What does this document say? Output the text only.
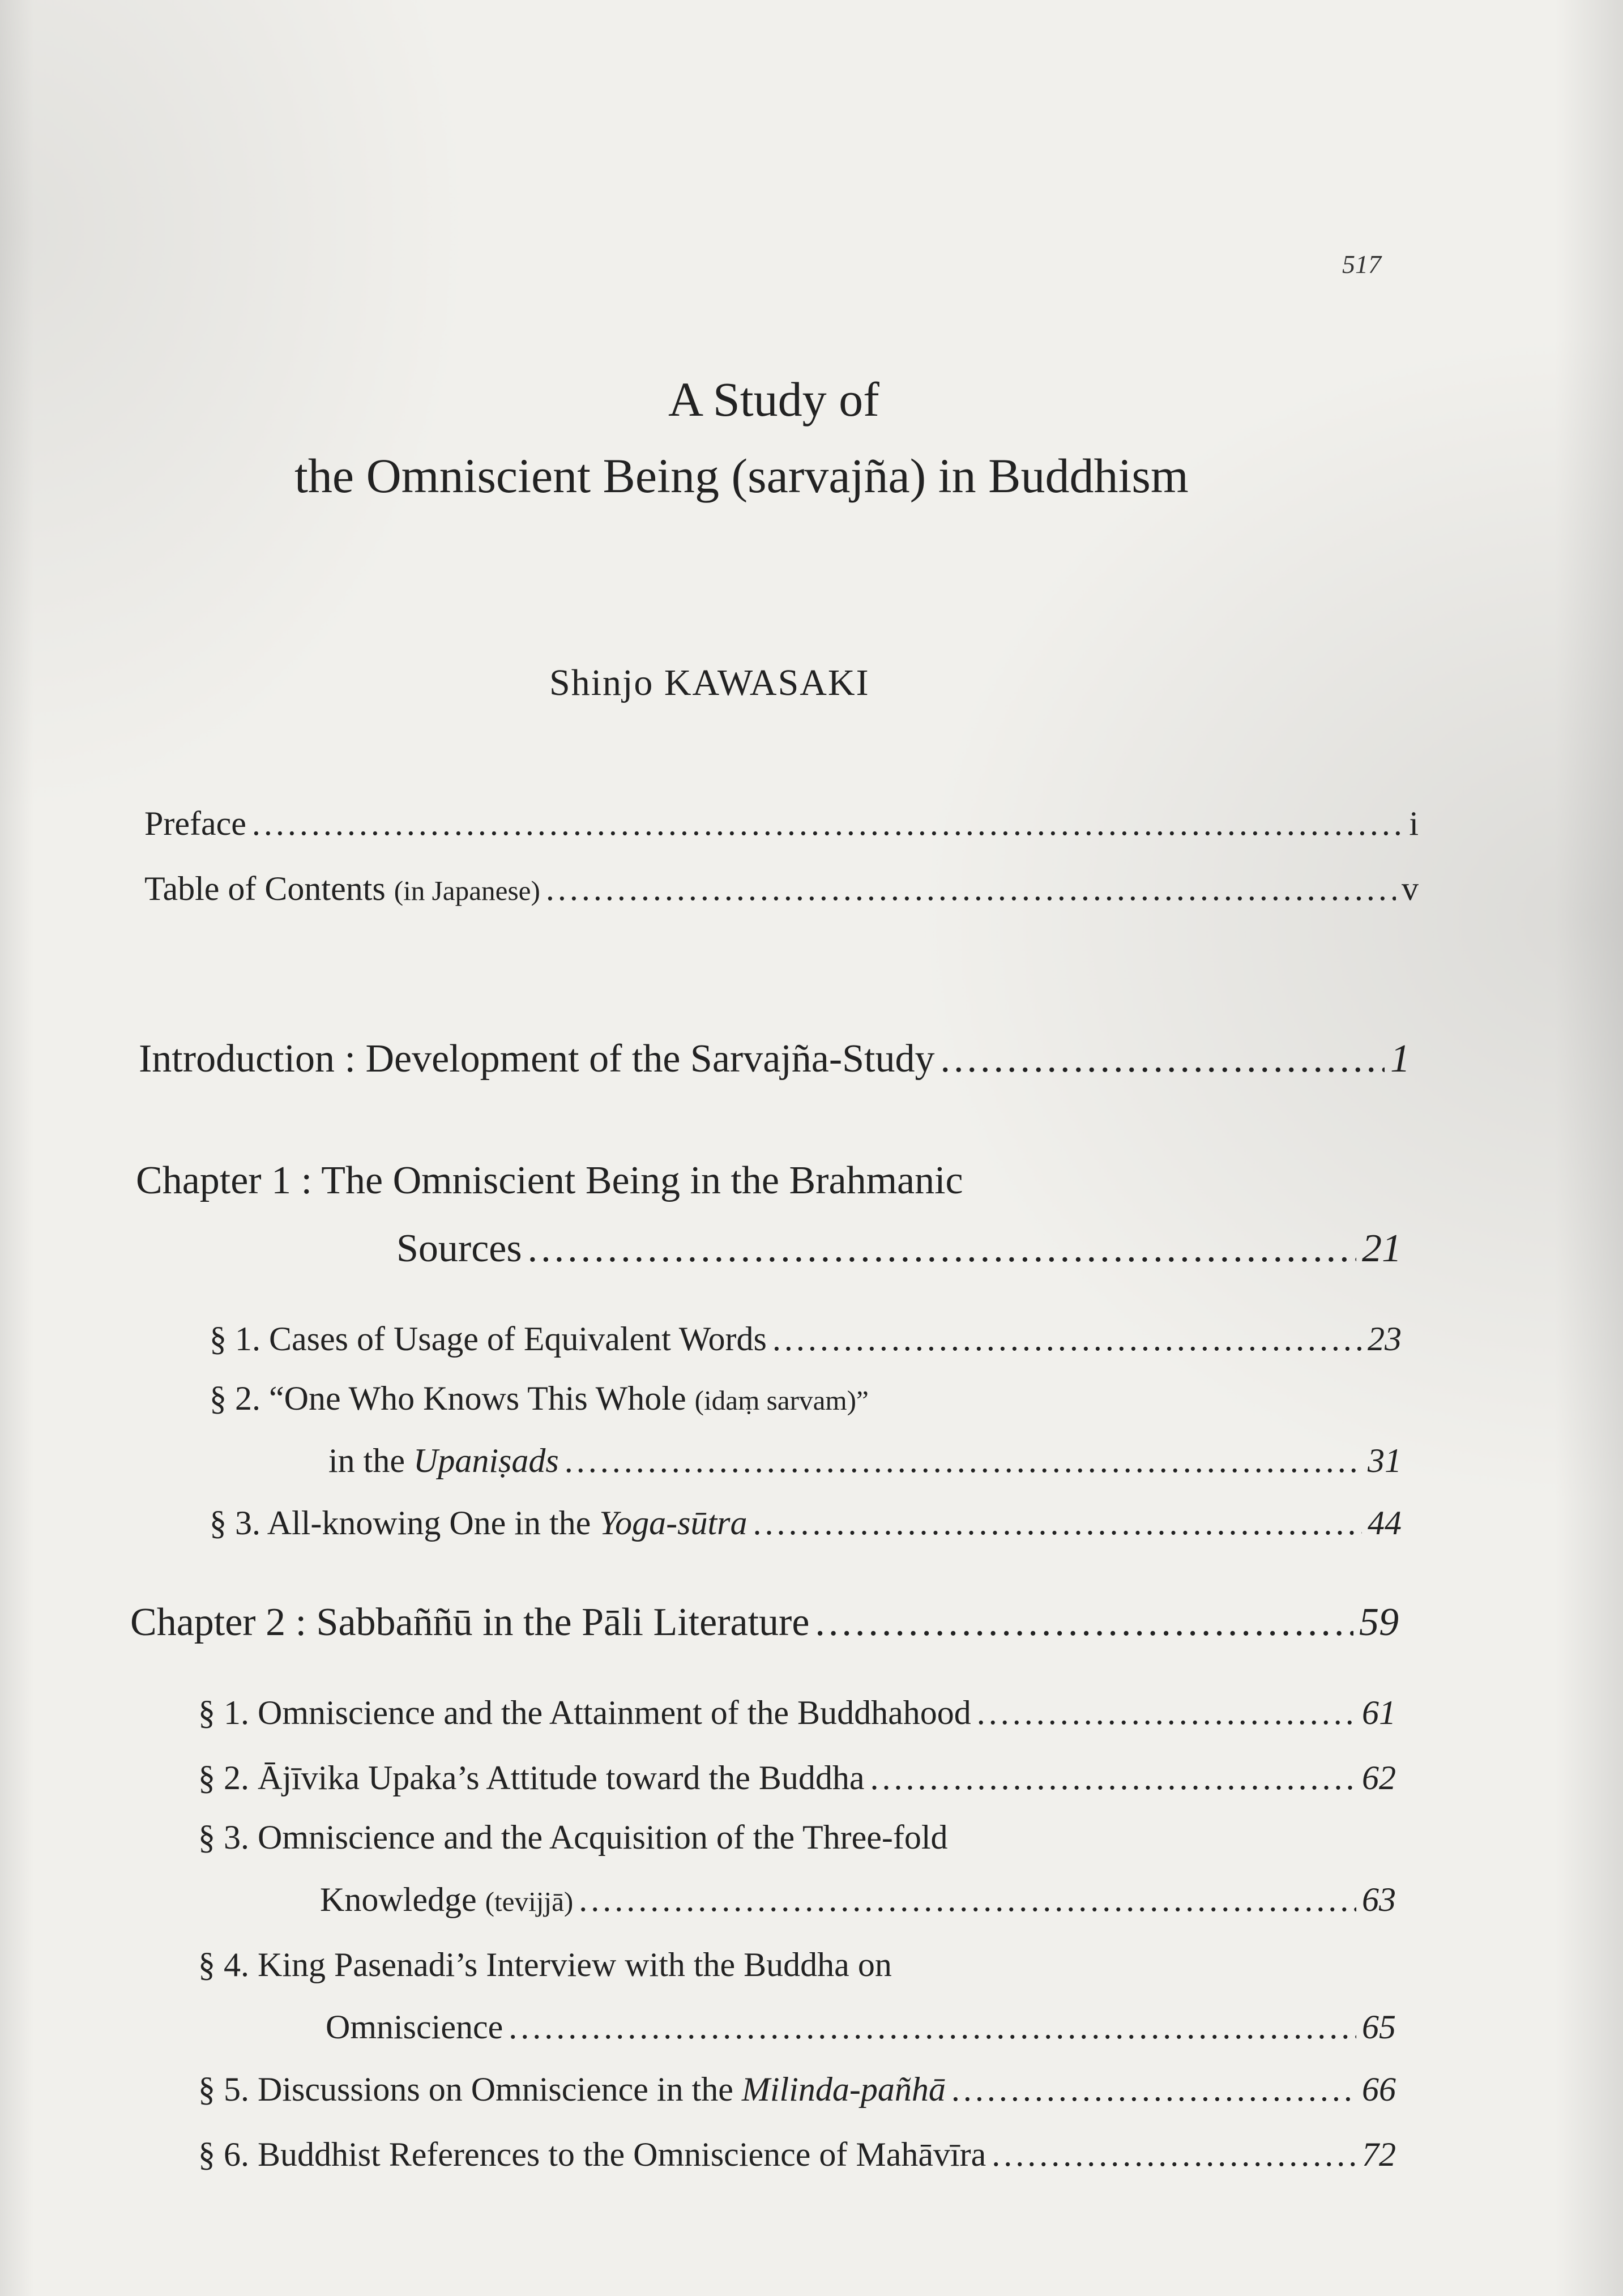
517
A Study of
the Omniscient Being (sarvajña) in Buddhism
Shinjo KAWASAKI
Preface .....	i
Table of Contents (in Japanese) .....	v
Introduction : Development of the Sarvajña-Study .....	1
Chapter 1 : The Omniscient Being in the Brahmanic
Sources .....	21
§ 1. Cases of Usage of Equivalent Words .....	23
§ 2. “One Who Knows This Whole (idaṃ sarvam)”
in the Upaniṣads .....	31
§ 3. All-knowing One in the Yoga-sūtra .....	44
Chapter 2 : Sabbaññū in the Pāli Literature .....	59
§ 1. Omniscience and the Attainment of the Buddhahood .....	61
§ 2. Ājīvika Upaka’s Attitude toward the Buddha .....	62
§ 3. Omniscience and the Acquisition of the Three-fold
Knowledge (tevijjā) .....	63
§ 4. King Pasenadi’s Interview with the Buddha on
Omniscience .....	65
§ 5. Discussions on Omniscience in the Milinda-pañhā .....	66
§ 6. Buddhist References to the Omniscience of Mahāvīra .....	72
